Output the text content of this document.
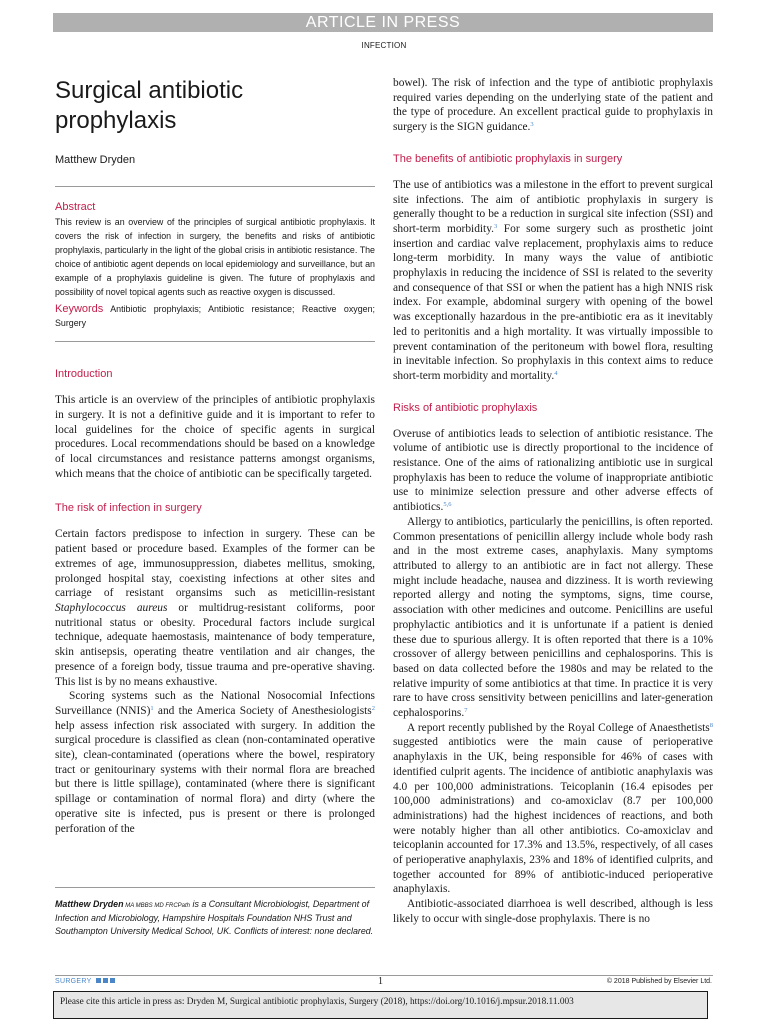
ARTICLE IN PRESS
INFECTION
Surgical antibiotic
prophylaxis

Matthew Dryden

Abstract

This review is an overview of the principles of surgical antibiotic prophylaxis. It covers the risk of infection in surgery, the benefits and risks of antibiotic prophylaxis, particularly in the light of the global crisis in antibiotic resistance. The choice of antibiotic agent depends on local epidemiology and surveillance, but an example of a prophylaxis guideline is given. The future of prophylaxis and possibility of novel topical agents such as reactive oxygen is discussed.

Keywords Antibiotic prophylaxis; Antibiotic resistance; Reactive oxygen; Surgery

Introduction

This article is an overview of the principles of antibiotic prophylaxis in surgery. It is not a definitive guide and it is important to refer to local guidelines for the choice of specific agents in surgical procedures. Local recommendations should be based on a knowledge of local circumstances and resistance patterns amongst organisms, which means that the choice of antibiotic can be specifically targeted.

The risk of infection in surgery

Certain factors predispose to infection in surgery. These can be patient based or procedure based. Examples of the former can be extremes of age, immunosuppression, diabetes mellitus, smoking, prolonged hospital stay, coexisting infections at other sites and carriage of resistant organsims such as meticillin-resistant Staphylococcus aureus or multidrug-resistant coliforms, poor nutritional status or obesity. Procedural factors include surgical technique, adequate haemostasis, maintenance of body temperature, skin antisepsis, operating theatre ventilation and air changes, the presence of a foreign body, tissue trauma and pre-operative shaving. This list is by no means exhaustive.

Scoring systems such as the National Nosocomial Infections Surveillance (NNIS)$^1$ and the America Society of Anesthesiologists$^2$ help assess infection risk associated with surgery. In addition the surgical procedure is classified as clean (non-contaminated operative site), clean-contaminated (operations where the bowel, respiratory tract or genitourinary systems with their normal flora are breached but there is little spillage), contaminated (where there is significant spillage or contamination of normal flora) and dirty (where the operative site is infected, pus is present or there is prolonged perforation of the

bowel). The risk of infection and the type of antibiotic prophylaxis required varies depending on the underlying state of the patient and the type of procedure. An excellent practical guide to prophylaxis in surgery is the SIGN guidance.$^3$

The benefits of antibiotic prophylaxis in surgery

The use of antibiotics was a milestone in the effort to prevent surgical site infections. The aim of antibiotic prophylaxis in surgery is generally thought to be a reduction in surgical site infection (SSI) and short-term morbidity.$^3$ For some surgery such as prosthetic joint insertion and cardiac valve replacement, prophylaxis aims to reduce long-term morbidity. In many ways the value of antibiotic prophylaxis in reducing the incidence of SSI is related to the severity and consequence of that SSI or when the patient has a high NNIS risk index. For example, abdominal surgery with opening of the bowel was exceptionally hazardous in the pre-antibiotic era as it inevitably led to peritonitis and a high mortality. It was virtually impossible to prevent contamination of the peritoneum with bowel flora, resulting in inevitable infection. So prophylaxis in this context aims to reduce short-term morbidity and mortality.$^4$

Risks of antibiotic prophylaxis

Overuse of antibiotics leads to selection of antibiotic resistance. The volume of antibiotic use is directly proportional to the incidence of resistance. One of the aims of rationalizing antibiotic use in surgical prophylaxis has been to reduce the volume of inappropriate antibiotic use to minimize selection pressure and other adverse effects of antibiotics.$^{5,6}$

Allergy to antibiotics, particularly the penicillins, is often reported. Common presentations of penicillin allergy include whole body rash and in the most extreme cases, anaphylaxis. Many symptoms attributed to allergy to an antibiotic are in fact not allergy. These might include headache, nausea and dizziness. It is worth reviewing reported allergy and noting the symptoms, signs, time course, association with other medicines and outcome. Penicillins are useful prophylactic antibiotics and it is unfortunate if a patient is denied these due to spurious allergy. It is often reported that there is a 10% crossover of allergy between penicillins and cephalosporins. This is based on data collected before the 1980s and may be related to the relative impurity of some antibiotics at that time. In practice it is very rare to have cross sensitivity between penicillins and later-generation cephalosporins.$^7$

A report recently published by the Royal College of Anaesthetists$^8$ suggested antibiotics were the main cause of perioperative anaphylaxis in the UK, being responsible for 46% of cases with identified culprit agents. The incidence of antibiotic anaphylaxis was 4.0 per 100,000 administrations. Teicoplanin (16.4 episodes per 100,000 administrations) and co-amoxiclav (8.7 per 100,000 administrations) had the highest incidences of reactions, and both were notably higher than all other antibiotics. Co-amoxiclav and teicoplanin accounted for 17.3% and 13.5%, respectively, of all cases of perioperative anaphylaxis, 23% and 18% of identified culprits, and together accounted for 89% of antibiotic-induced perioperative anaphylaxis.

Antibiotic-associated diarrhoea is well described, although is less likely to occur with single-dose prophylaxis. There is no

Matthew Dryden MA MBBS MD FRCPath is a Consultant Microbiologist, Department of Infection and Microbiology, Hampshire Hospitals Foundation NHS Trust and Southampton University Medical School, UK. Conflicts of interest: none declared.
SURGERY	1	© 2018 Published by Elsevier Ltd.
Please cite this article in press as: Dryden M, Surgical antibiotic prophylaxis, Surgery (2018), https://doi.org/10.1016/j.mpsur.2018.11.003
